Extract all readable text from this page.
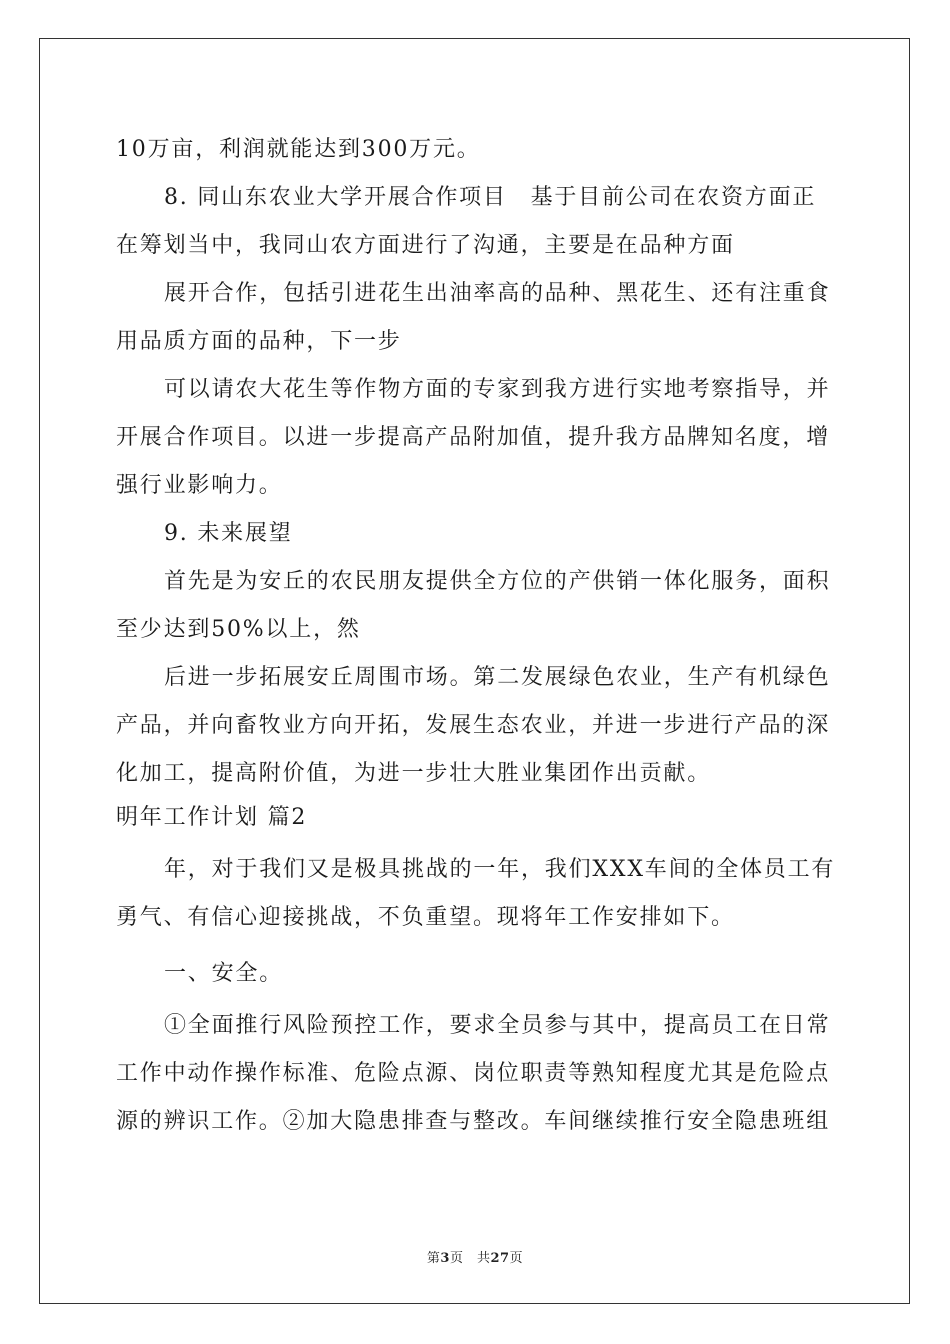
10万亩，利润就能达到300万元。

8. 同山东农业大学开展合作项目　基于目前公司在农资方面正

在筹划当中，我同山农方面进行了沟通，主要是在品种方面

展开合作，包括引进花生出油率高的品种、黑花生、还有注重食

用品质方面的品种，下一步

可以请农大花生等作物方面的专家到我方进行实地考察指导，并

开展合作项目。以进一步提高产品附加值，提升我方品牌知名度，增

强行业影响力。

9. 未来展望

首先是为安丘的农民朋友提供全方位的产供销一体化服务，面积

至少达到50%以上，然

后进一步拓展安丘周围市场。第二发展绿色农业，生产有机绿色

产品，并向畜牧业方向开拓，发展生态农业，并进一步进行产品的深

化加工，提高附价值，为进一步壮大胜业集团作出贡献。

明年工作计划 篇2

年，对于我们又是极具挑战的一年，我们XXX车间的全体员工有

勇气、有信心迎接挑战，不负重望。现将年工作安排如下。

一、安全。

①全面推行风险预控工作，要求全员参与其中，提高员工在日常

工作中动作操作标准、危险点源、岗位职责等熟知程度尤其是危险点

源的辨识工作。②加大隐患排查与整改。车间继续推行安全隐患班组

第3页　共27页
